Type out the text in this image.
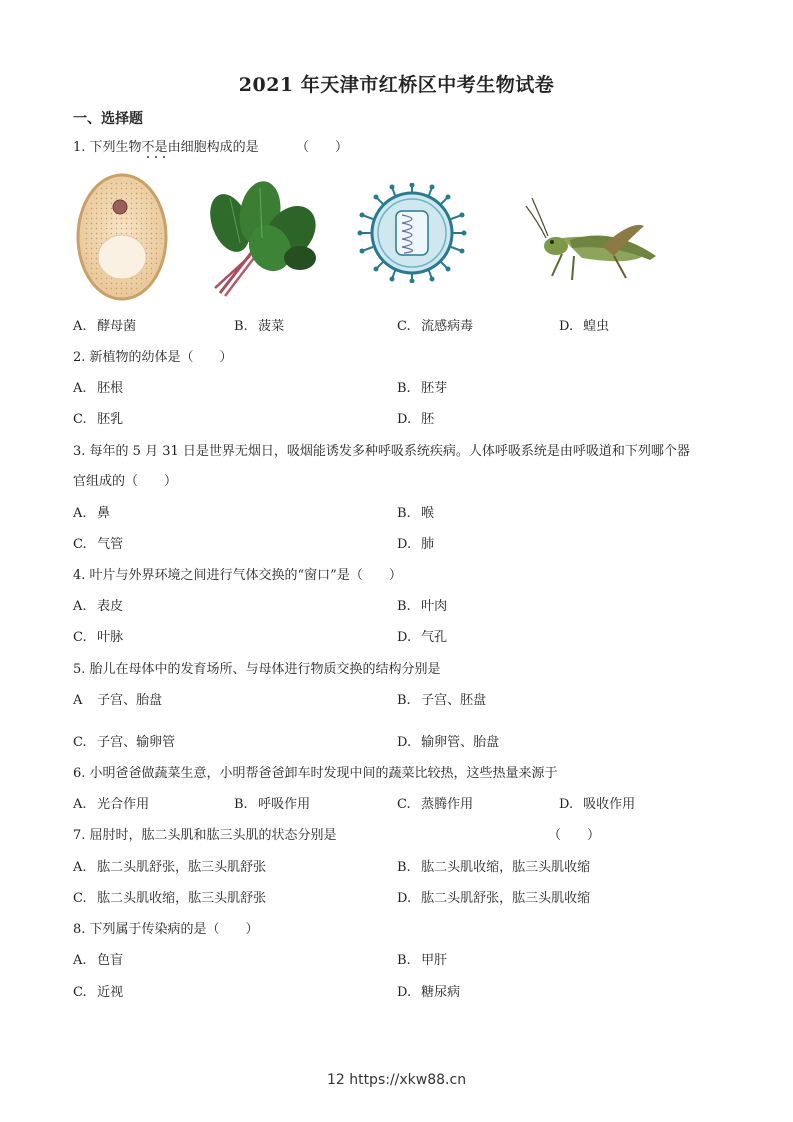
2021 年天津市红桥区中考生物试卷
一、选择题
1. 下列生物不是由细胞构成的是	（　　）
A. 酵母菌	B. 菠菜	C. 流感病毒	D. 蝗虫
2. 新植物的幼体是（　　）
A. 胚根	B. 胚芽
C. 胚乳	D. 胚
3. 每年的 5 月 31 日是世界无烟日，吸烟能诱发多种呼吸系统疾病。人体呼吸系统是由呼吸道和下列哪个器
官组成的（　　）
A. 鼻	B. 喉
C. 气管	D. 肺
4. 叶片与外界环境之间进行气体交换的“窗口”是（　　）
A. 表皮	B. 叶肉
C. 叶脉	D. 气孔
5. 胎儿在母体中的发育场所、与母体进行物质交换的结构分别是
A 子宫、胎盘	B. 子宫、胚盘
C. 子宫、输卵管	D. 输卵管、胎盘
6. 小明爸爸做蔬菜生意，小明帮爸爸卸车时发现中间的蔬菜比较热，这些热量来源于
A. 光合作用	B. 呼吸作用	C. 蒸腾作用	D. 吸收作用
7. 屈肘时，肱二头肌和肱三头肌的状态分别是	（　　）
A. 肱二头肌舒张，肱三头肌舒张	B. 肱二头肌收缩，肱三头肌收缩
C. 肱二头肌收缩，肱三头肌舒张	D. 肱二头肌舒张，肱三头肌收缩
8. 下列属于传染病的是（　　）
A. 色盲	B. 甲肝
C. 近视	D. 糖尿病
12 https://xkw88.cn
